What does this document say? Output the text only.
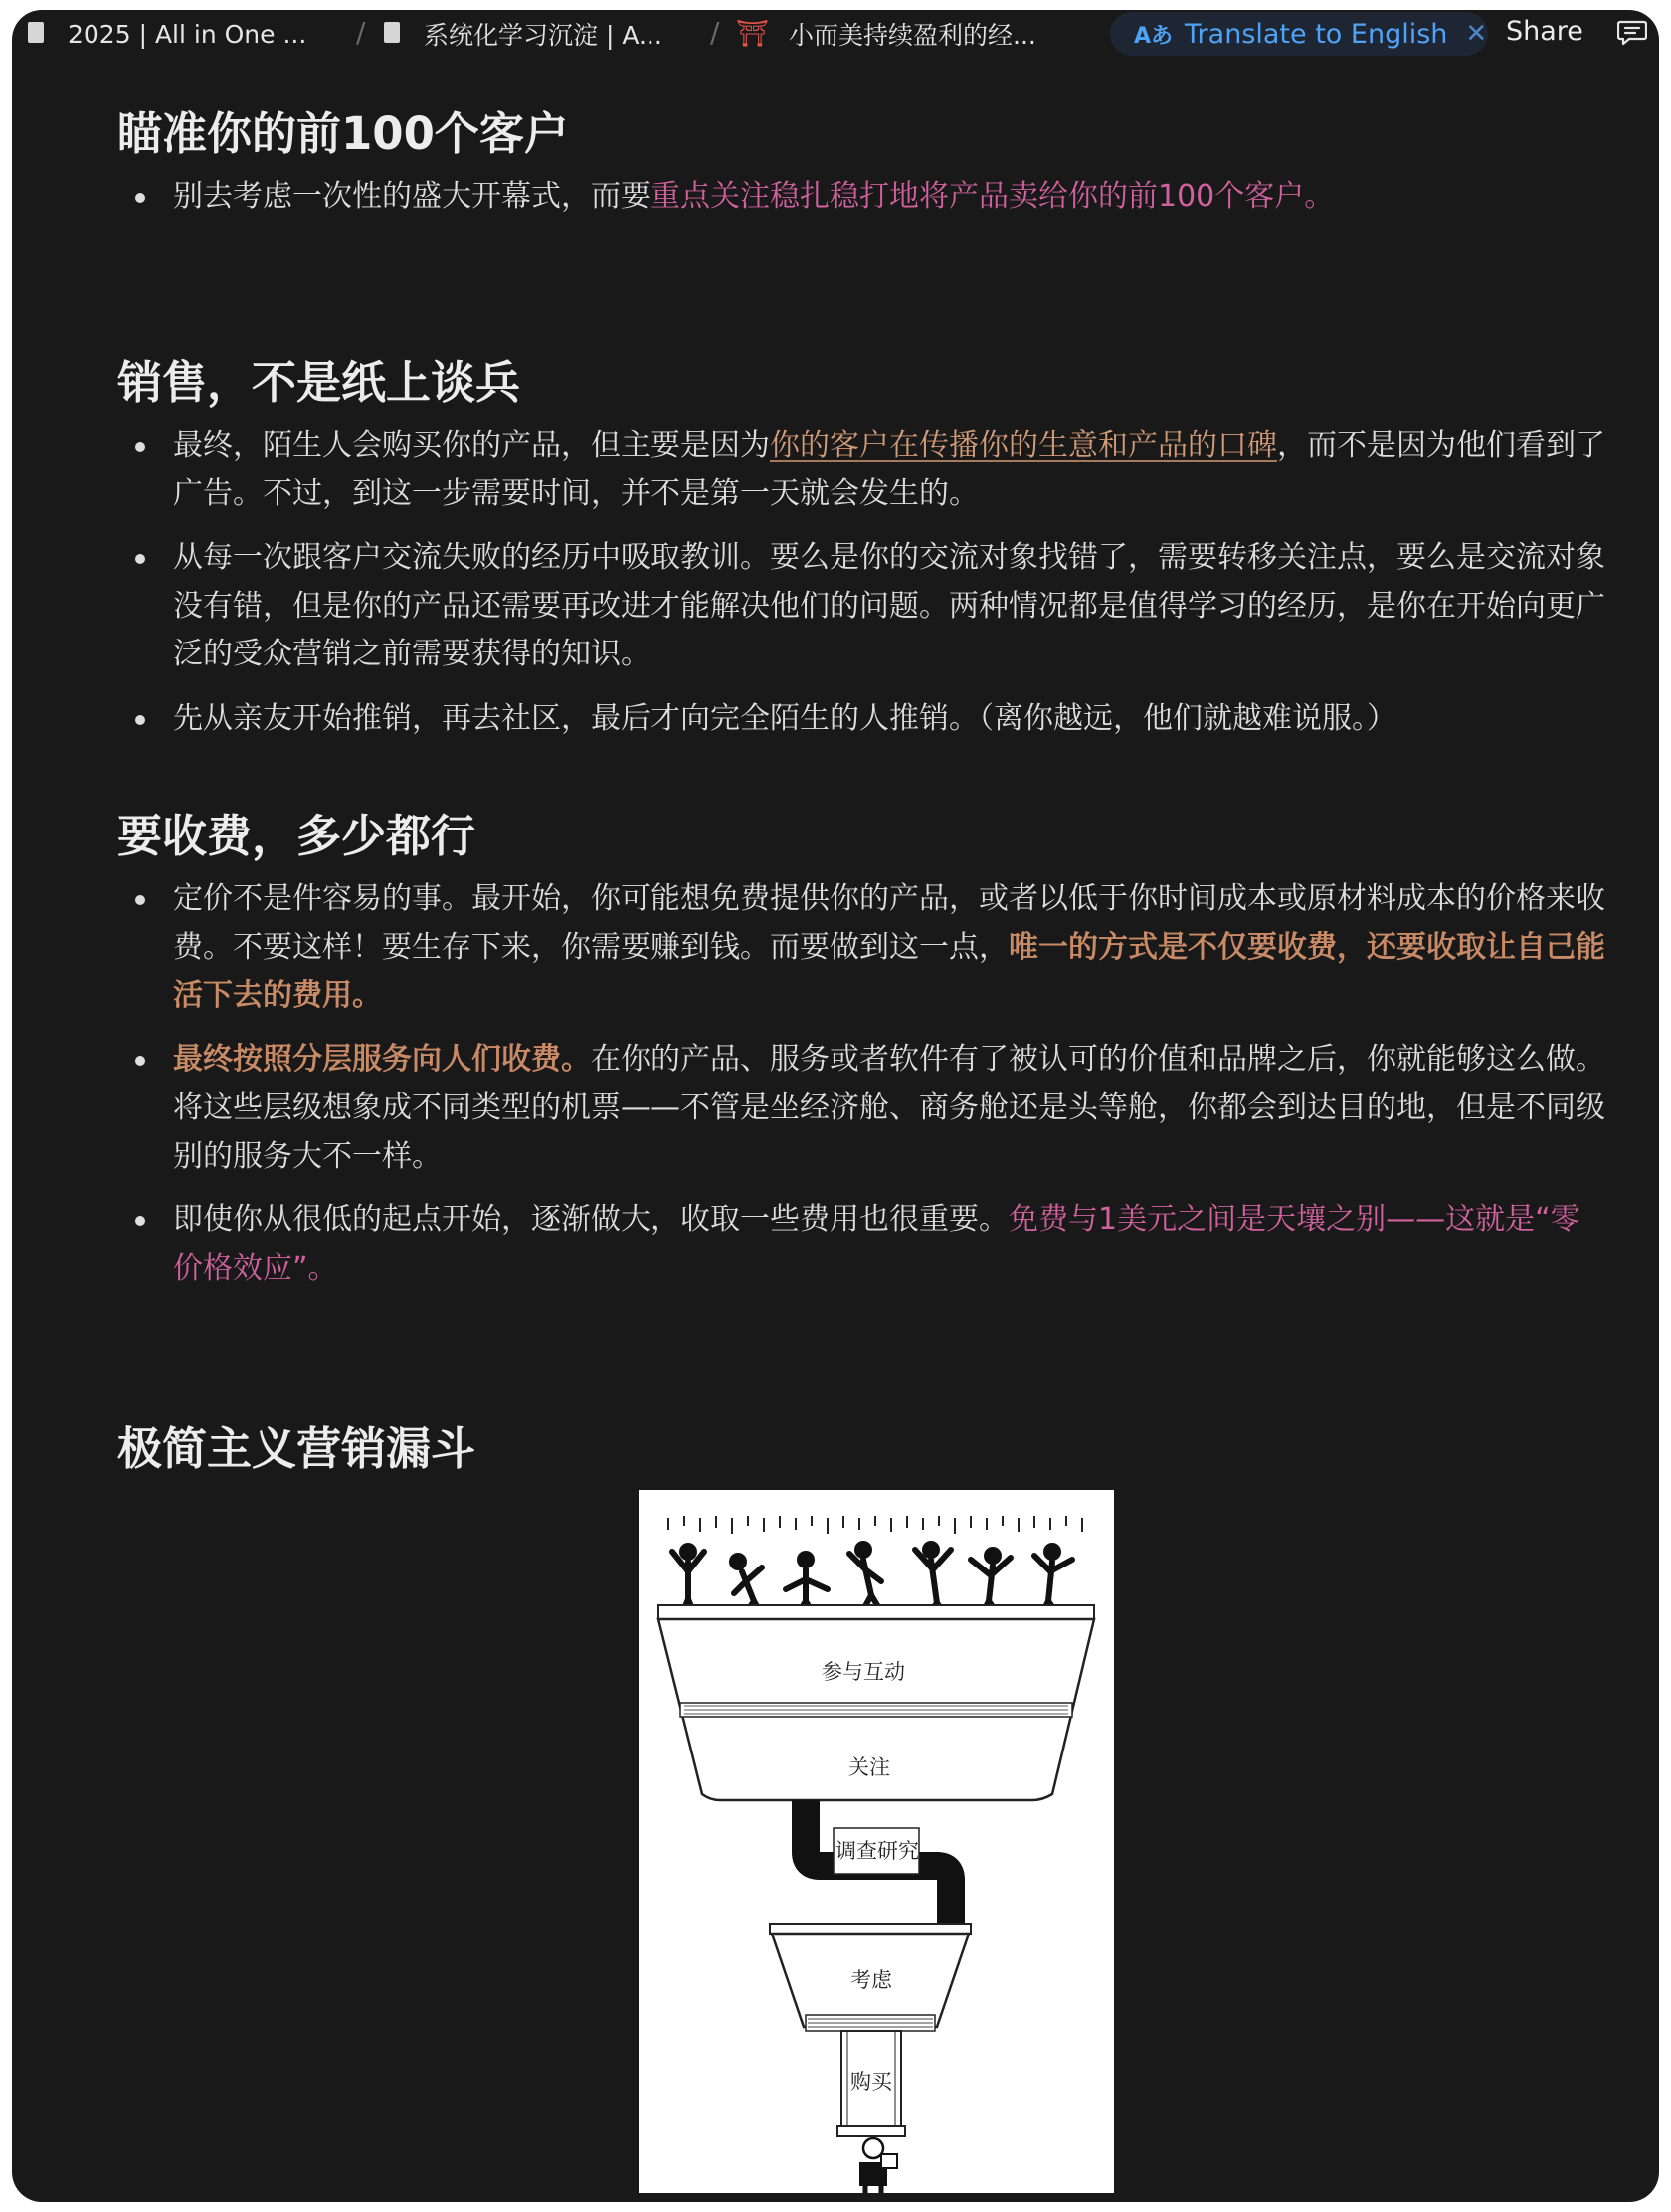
2025 | All in One ... / 系统化学习沉淀 | A... / ⛩ 小而美持续盈利的经...	Aあ Translate to English ✕ Share
瞄准你的前100个客户
别去考虑一次性的盛大开幕式，而要重点关注稳扎稳打地将产品卖给你的前100个客户。
销售，不是纸上谈兵
最终，陌生人会购买你的产品，但主要是因为你的客户在传播你的生意和产品的口碑，而不是因为他们看到了广告。不过，到这一步需要时间，并不是第一天就会发生的。
从每一次跟客户交流失败的经历中吸取教训。要么是你的交流对象找错了，需要转移关注点，要么是交流对象没有错，但是你的产品还需要再改进才能解决他们的问题。两种情况都是值得学习的经历，是你在开始向更广泛的受众营销之前需要获得的知识。
先从亲友开始推销，再去社区，最后才向完全陌生的人推销。（离你越远，他们就越难说服。）
要收费，多少都行
定价不是件容易的事。最开始，你可能想免费提供你的产品，或者以低于你时间成本或原材料成本的价格来收费。不要这样！要生存下来，你需要赚到钱。而要做到这一点，唯一的方式是不仅要收费，还要收取让自己能活下去的费用。
最终按照分层服务向人们收费。在你的产品、服务或者软件有了被认可的价值和品牌之后，你就能够这么做。将这些层级想象成不同类型的机票——不管是坐经济舱、商务舱还是头等舱，你都会到达目的地，但是不同级别的服务大不一样。
即使你从很低的起点开始，逐渐做大，收取一些费用也很重要。免费与1美元之间是天壤之别——这就是“零价格效应”。
极简主义营销漏斗
参与互动
关注
调查研究
考虑
购买
